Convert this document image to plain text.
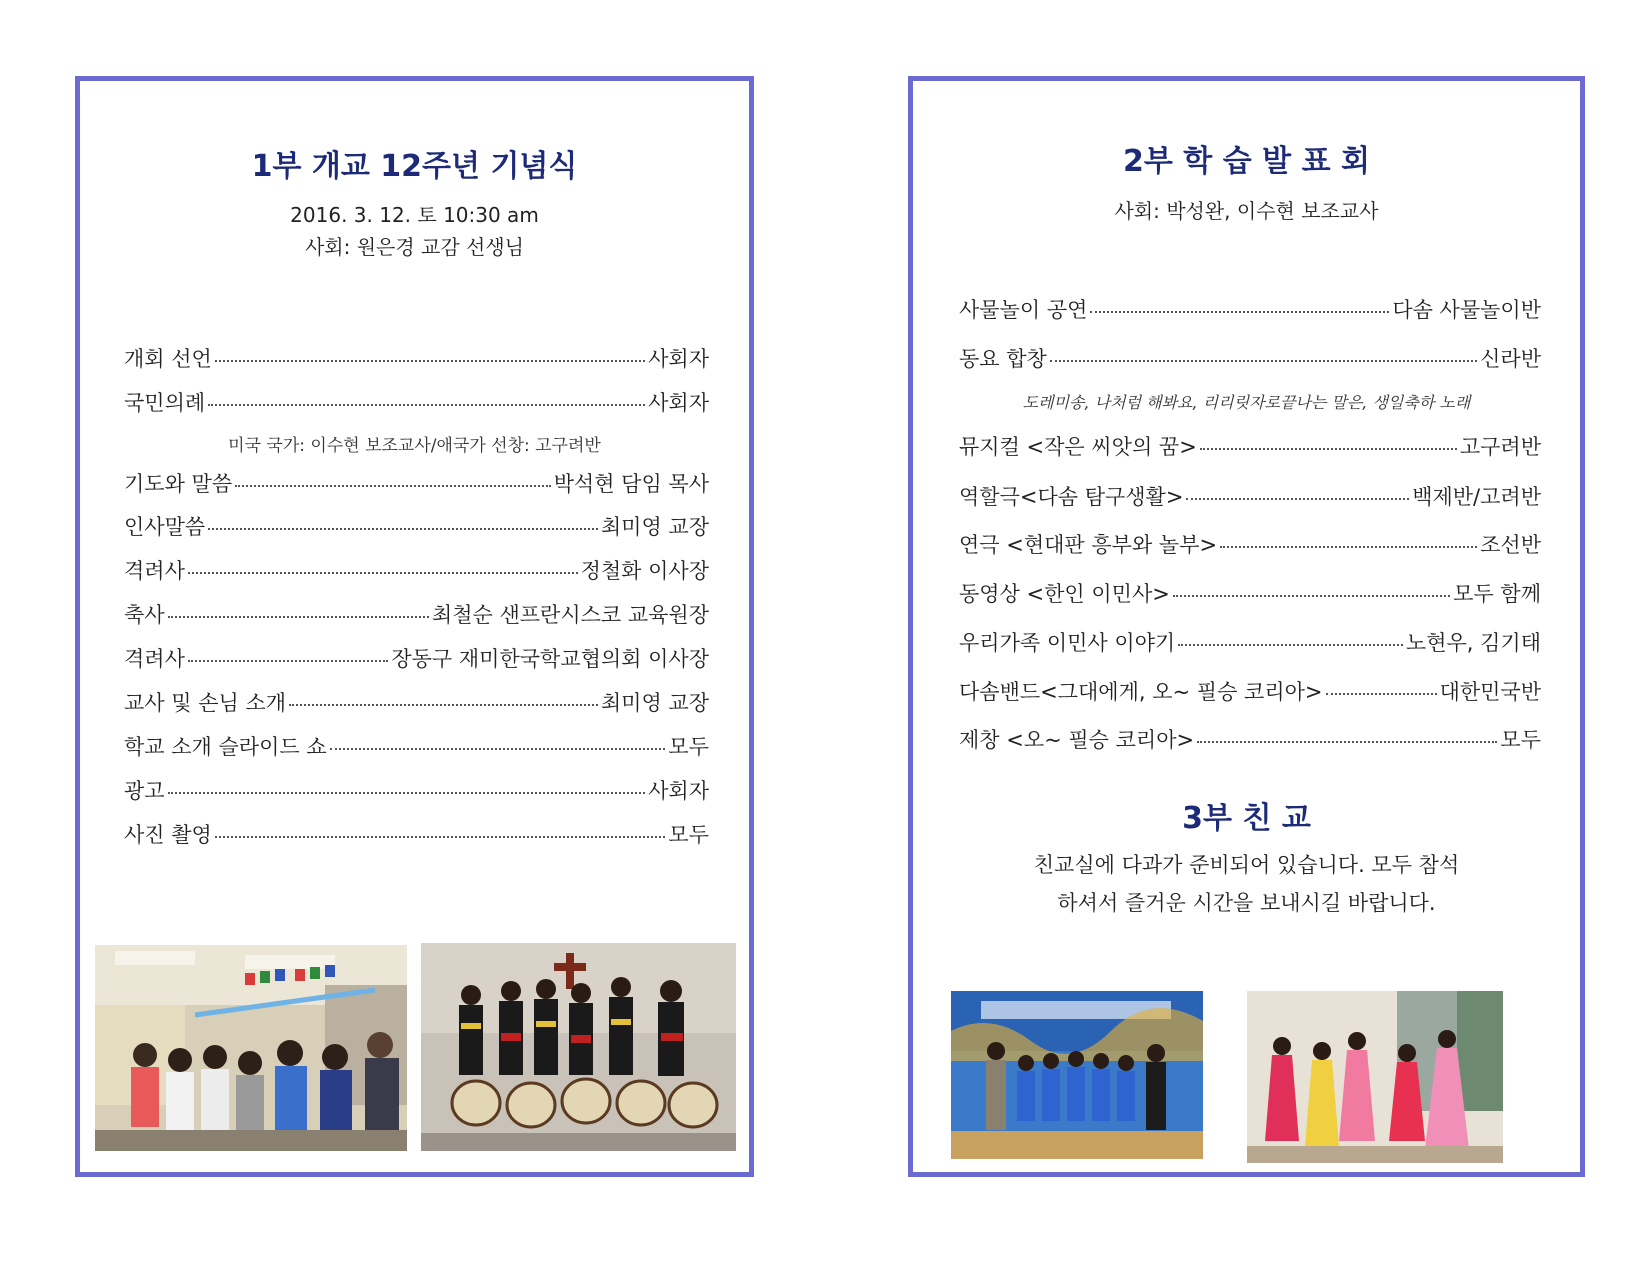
1부 개교 12주년 기념식
2016. 3. 12. 토 10:30 am
사회: 원은경 교감 선생님
개회 선언	사회자
국민의례	사회자
미국 국가: 이수현 보조교사/애국가 선창: 고구려반
기도와 말씀	박석현 담임 목사
인사말씀	최미영 교장
격려사	정철화 이사장
축사	최철순 샌프란시스코 교육원장
격려사	장동구 재미한국학교협의회 이사장
교사 및 손님 소개	최미영 교장
학교 소개 슬라이드 쇼	모두
광고	사회자
사진 촬영	모두
2부 학 습 발 표 회
사회: 박성완, 이수현 보조교사
사물놀이 공연	다솜 사물놀이반
동요 합창	신라반
도레미송, 나처럼 해봐요, 리리릿자로끝나는 말은, 생일축하 노래
뮤지컬 <작은 씨앗의 꿈>	고구려반
역할극<다솜 탐구생활>	백제반/고려반
연극 <현대판 흥부와 놀부>	조선반
동영상 <한인 이민사>	모두 함께
우리가족 이민사 이야기	노현우, 김기태
다솜밴드<그대에게, 오~ 필승 코리아>	대한민국반
제창 <오~ 필승 코리아>	모두
3부 친 교
친교실에 다과가 준비되어 있습니다. 모두 참석
하셔서 즐거운 시간을 보내시길 바랍니다.
